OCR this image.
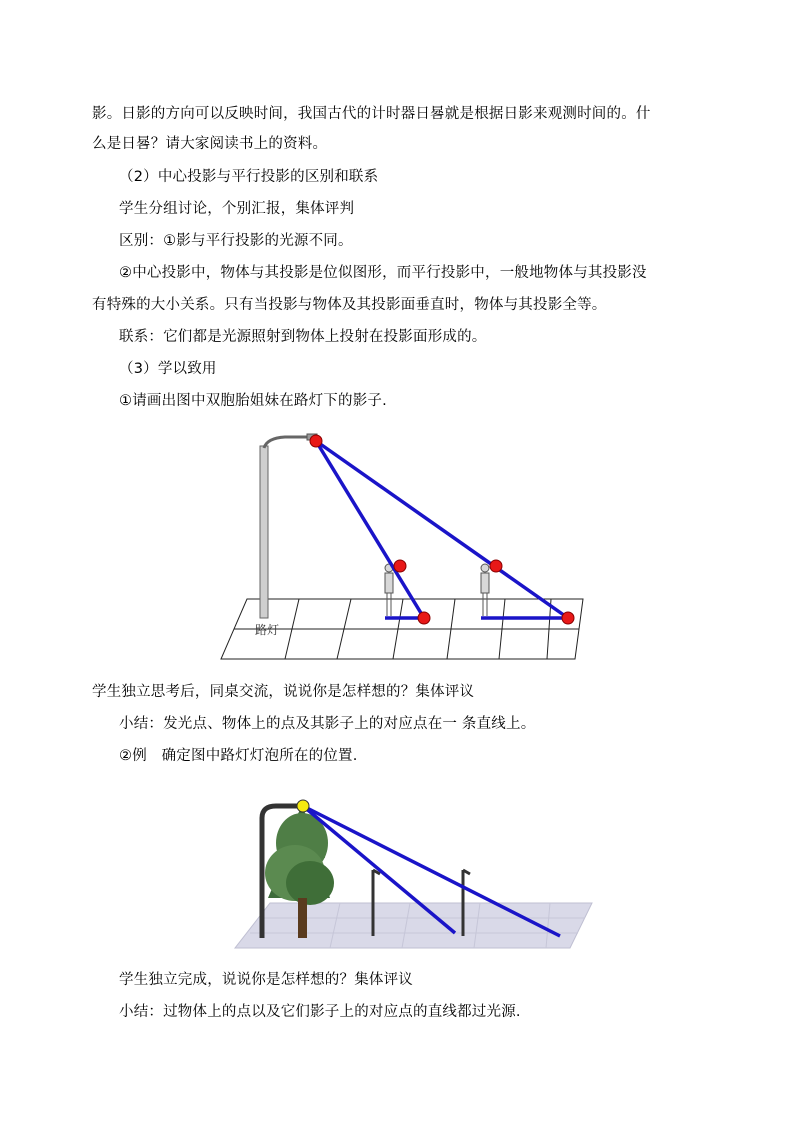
影。日影的方向可以反映时间，我国古代的计时器日晷就是根据日影来观测时间的。什
么是日晷？请大家阅读书上的资料。
（2）中心投影与平行投影的区别和联系
学生分组讨论，个别汇报，集体评判
区别：①影与平行投影的光源不同。
②中心投影中，物体与其投影是位似图形，而平行投影中，一般地物体与其投影没
有特殊的大小关系。只有当投影与物体及其投影面垂直时，物体与其投影全等。
联系：它们都是光源照射到物体上投射在投影面形成的。
（3）学以致用
①请画出图中双胞胎姐妹在路灯下的影子.
路灯
学生独立思考后，同桌交流，说说你是怎样想的？集体评议
小结：发光点、物体上的点及其影子上的对应点在一 条直线上。
②例　确定图中路灯灯泡所在的位置.
学生独立完成，说说你是怎样想的？集体评议
小结：过物体上的点以及它们影子上的对应点的直线都过光源.
